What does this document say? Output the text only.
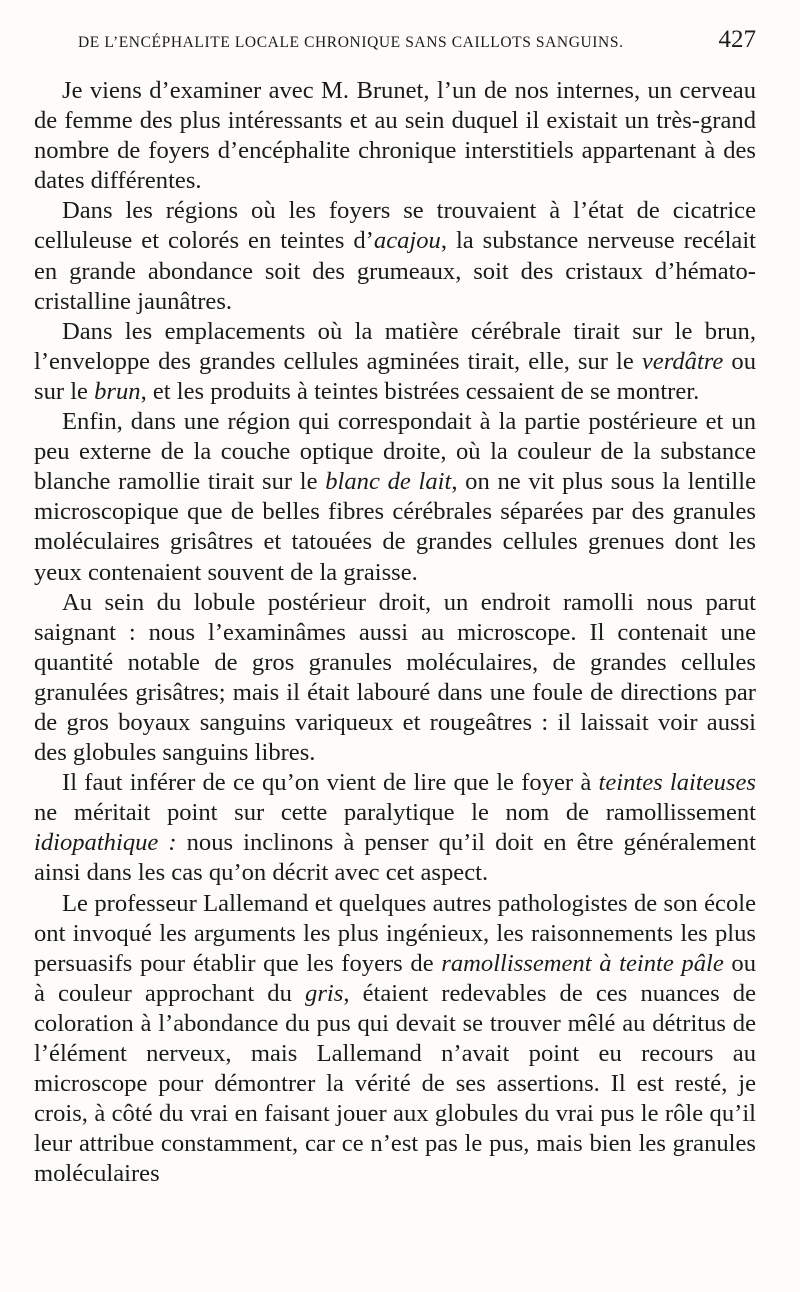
DE L’ENCÉPHALITE LOCALE CHRONIQUE SANS CAILLOTS SANGUINS.	427

Je viens d’examiner avec M. Brunet, l’un de nos internes, un cerveau de femme des plus intéressants et au sein duquel il existait un très-grand nombre de foyers d’encéphalite chronique interstitiels appartenant à des dates différentes.

Dans les régions où les foyers se trouvaient à l’état de cicatrice celluleuse et colorés en teintes d’acajou, la substance nerveuse recélait en grande abondance soit des grumeaux, soit des cristaux d’hémato-cristalline jaunâtres.

Dans les emplacements où la matière cérébrale tirait sur le brun, l’enveloppe des grandes cellules agminées tirait, elle, sur le verdâtre ou sur le brun, et les produits à teintes bistrées cessaient de se montrer.

Enfin, dans une région qui correspondait à la partie postérieure et un peu externe de la couche optique droite, où la couleur de la substance blanche ramollie tirait sur le blanc de lait, on ne vit plus sous la lentille microscopique que de belles fibres cérébrales séparées par des granules moléculaires grisâtres et tatouées de grandes cellules grenues dont les yeux contenaient souvent de la graisse.

Au sein du lobule postérieur droit, un endroit ramolli nous parut saignant : nous l’examinâmes aussi au microscope. Il contenait une quantité notable de gros granules moléculaires, de grandes cellules granulées grisâtres; mais il était labouré dans une foule de directions par de gros boyaux sanguins variqueux et rougeâtres : il laissait voir aussi des globules sanguins libres.

Il faut inférer de ce qu’on vient de lire que le foyer à teintes laiteuses ne méritait point sur cette paralytique le nom de ramollissement idiopathique : nous inclinons à penser qu’il doit en être généralement ainsi dans les cas qu’on décrit avec cet aspect.

Le professeur Lallemand et quelques autres pathologistes de son école ont invoqué les arguments les plus ingénieux, les raisonnements les plus persuasifs pour établir que les foyers de ramollissement à teinte pâle ou à couleur approchant du gris, étaient redevables de ces nuances de coloration à l’abondance du pus qui devait se trouver mêlé au détritus de l’élément nerveux, mais Lallemand n’avait point eu recours au microscope pour démontrer la vérité de ses assertions. Il est resté, je crois, à côté du vrai en faisant jouer aux globules du vrai pus le rôle qu’il leur attribue constamment, car ce n’est pas le pus, mais bien les granules moléculaires
